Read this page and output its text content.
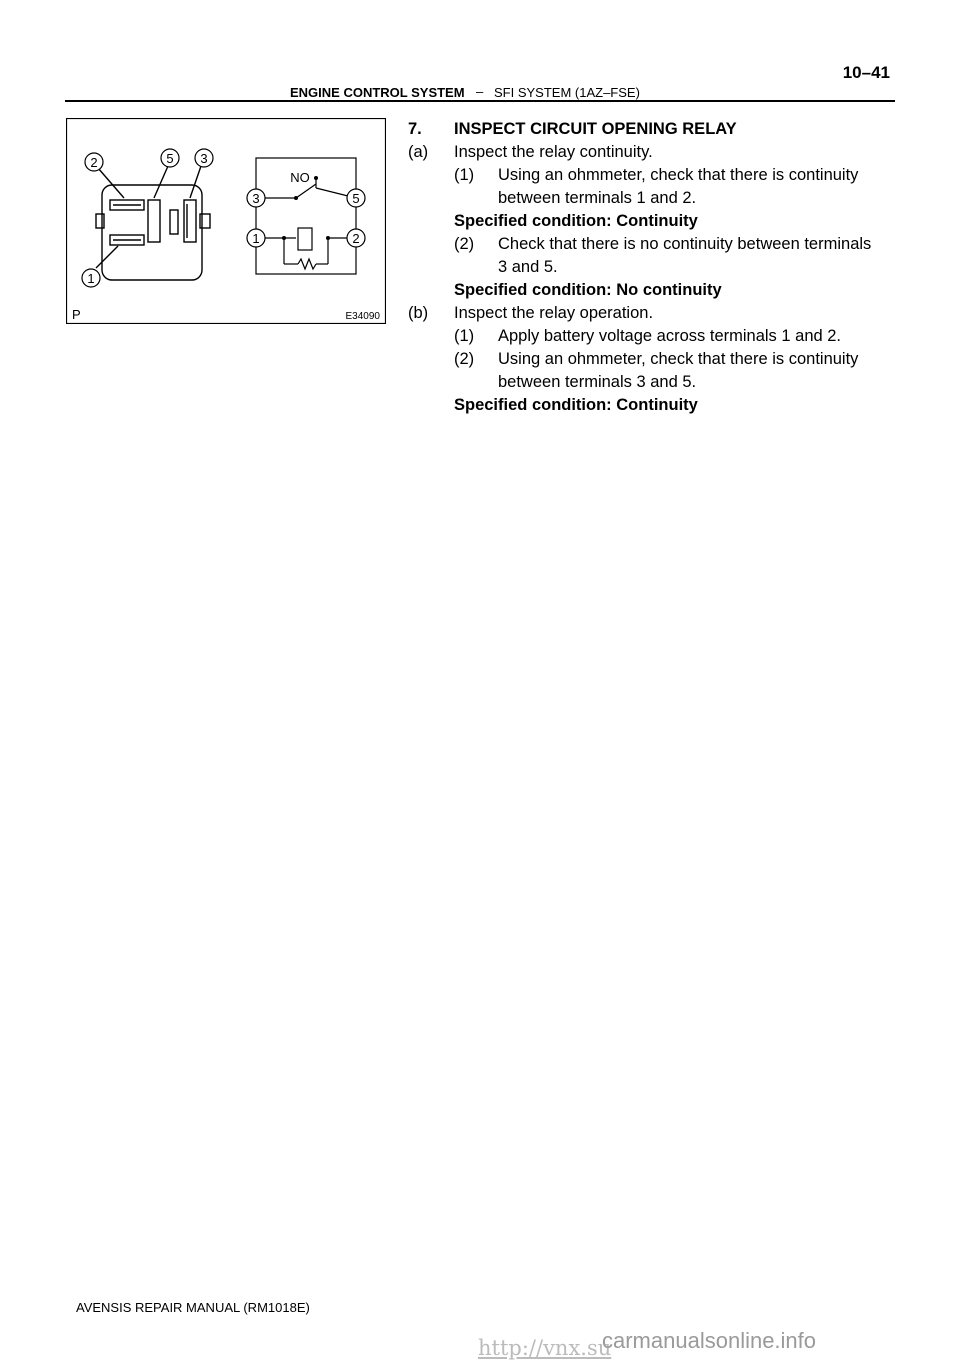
10–41
ENGINE CONTROL SYSTEM – SFI SYSTEM (1AZ–FSE)
2	5 3
1
3	5
1	2
NO
P	E34090
7.	INSPECT CIRCUIT OPENING RELAY
(a)	Inspect the relay continuity.
(1)	Using an ohmmeter, check that there is continuity
between terminals 1 and 2.
Specified condition: Continuity
(2)	Check that there is no continuity between terminals
3 and 5.
Specified condition: No continuity
(b)	Inspect the relay operation.
(1)	Apply battery voltage across terminals 1 and 2.
(2)	Using an ohmmeter, check that there is continuity
between terminals 3 and 5.
Specified condition: Continuity
AVENSIS REPAIR MANUAL (RM1018E)
http://vnx.su
carmanualsonline.info
